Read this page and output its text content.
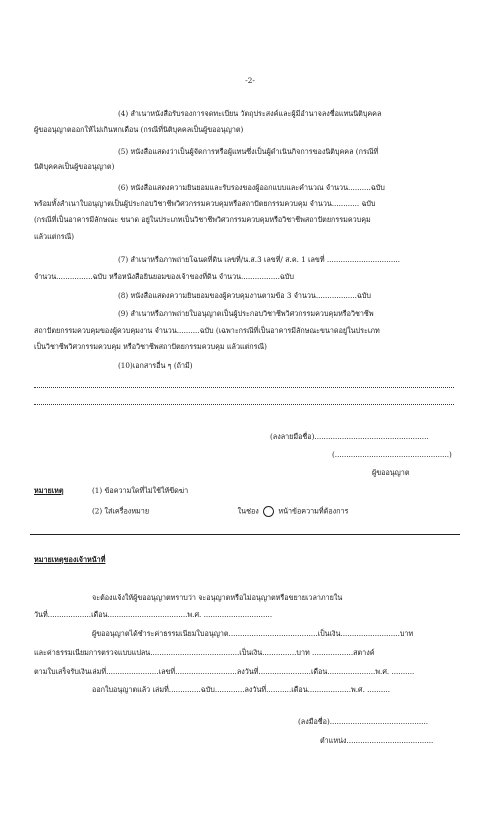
-2-
(4) สำเนาหนังสือรับรองการจดทะเบียน วัตถุประสงค์และผู้มีอำนาจลงชื่อแทนนิติบุคคล
ผู้ขออนุญาตออกให้ไม่เกินหกเดือน (กรณีที่นิติบุคคลเป็นผู้ขออนุญาต)
(5) หนังสือแสดงว่าเป็นผู้จัดการหรือผู้แทนซึ่งเป็นผู้ดำเนินกิจการของนิติบุคคล (กรณีที่
นิติบุคคลเป็นผู้ขออนุญาต)
(6) หนังสือแสดงความยินยอมและรับรองของผู้ออกแบบและคำนวณ จำนวน..........ฉบับ
พร้อมทั้งสำเนาใบอนุญาตเป็นผู้ประกอบวิชาชีพวิศวกรรมควบคุมหรือสถาปัตยกรรมควบคุม จำนวน............ ฉบับ
(กรณีที่เป็นอาคารมีลักษณะ ขนาด อยู่ในประเภทเป็นวิชาชีพวิศวกรรมควบคุมหรือวิชาชีพสถาปัตยกรรมควบคุม
แล้วแต่กรณี)
(7) สำเนาหรือภาพถ่ายโฉนดที่ดิน เลขที่/น.ส.3 เลขที่/ ส.ค. 1 เลขที่ ................................
จำนวน................ฉบับ หรือหนังสือยินยอมของเจ้าของที่ดิน จำนวน.................ฉบับ
(8) หนังสือแสดงความยินยอมของผู้ควบคุมงานตามข้อ 3 จำนวน..................ฉบับ
(9) สำเนาหรือภาพถ่ายใบอนุญาตเป็นผู้ประกอบวิชาชีพวิศวกรรมควบคุมหรือวิชาชีพ
สถาปัตยกรรมควบคุมของผู้ควบคุมงาน จำนวน..........ฉบับ (เฉพาะกรณีที่เป็นอาคารมีลักษณะขนาดอยู่ในประเภท
เป็นวิชาชีพวิศวกรรมควบคุม หรือวิชาชีพสถาปัตยกรรมควบคุม แล้วแต่กรณี)
(10)เอกสารอื่น ๆ (ถ้ามี)
(ลงลายมือชื่อ)..................................................
(..................................................)
ผู้ขออนุญาต
หมายเหตุ	(1) ข้อความใดที่ไม่ใช้ให้ขีดฆ่า
(2) ใส่เครื่องหมาย	ในช่อง	หน้าข้อความที่ต้องการ
หมายเหตุของเจ้าหน้าที่
จะต้องแจ้งให้ผู้ขออนุญาตทราบว่า จะอนุญาตหรือไม่อนุญาตหรือขยายเวลาภายใน
วันที่...................เดือน...................................พ.ศ. ..............................
ผู้ขออนุญาตได้ชำระค่าธรรมเนียมใบอนุญาต.......................................เป็นเงิน..........................บาท
และค่าธรรมเนียมการตรวจแบบแปลน.......................................เป็นเงิน...............บาท ..................สตางค์
ตามใบเสร็จรับเงินเล่มที่.......................เลขที่...........................ลงวันที่.......................เดือน.....................พ.ศ. ..........
ออกใบอนุญาตแล้ว เล่มที่..............ฉบับ.............ลงวันที่...........เดือน...................พ.ศ. ..........
(ลงมือชื่อ)...........................................
ตำแหน่ง......................................
